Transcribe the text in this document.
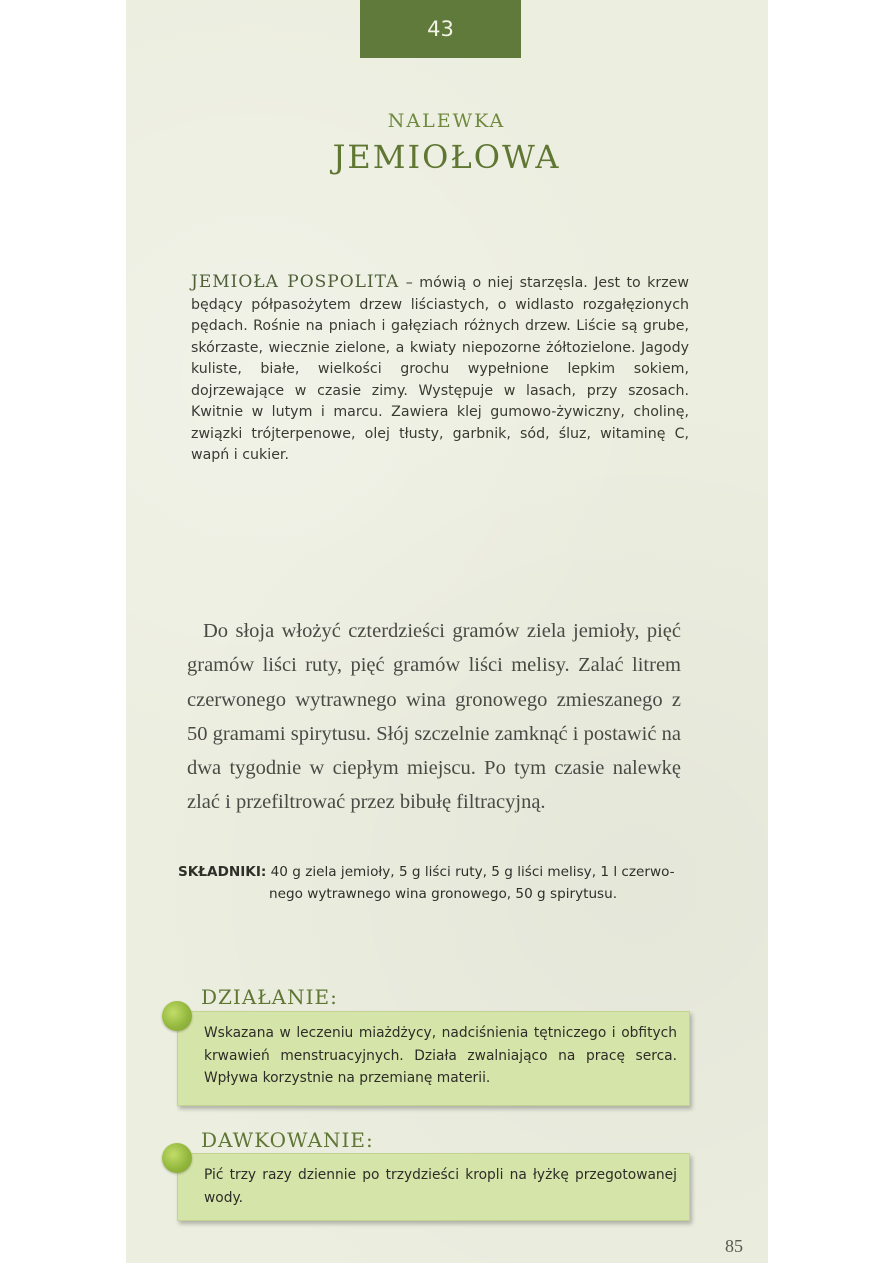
43
NALEWKA
JEMIOŁOWA

JEMIOŁA POSPOLITA – mówią o niej starzęsla. Jest to krzew będący półpasożytem drzew liściastych, o widlasto rozgałęzionych pędach. Rośnie na pniach i gałęziach różnych drzew. Liście są grube, skórzaste, wiecznie zielone, a kwiaty niepozorne żółtozielone. Jagody kuliste, białe, wielkości grochu wypełnione lepkim sokiem, dojrzewające w czasie zimy. Występuje w lasach, przy szosach. Kwitnie w lutym i marcu. Zawiera klej gumowo-żywiczny, cholinę, związki trójterpenowe, olej tłusty, garbnik, sód, śluz, witaminę C, wapń i cukier.

Do słoja włożyć czterdzieści gramów ziela jemioły, pięć gramów liści ruty, pięć gramów liści melisy. Zalać litrem czerwonego wytrawnego wina gronowego zmieszanego z 50 gramami spirytusu. Słój szczelnie zamknąć i postawić na dwa tygodnie w ciepłym miejscu. Po tym czasie nalewkę zlać i przefiltrować przez bibułę filtracyjną.

SKŁADNIKI: 40 g ziela jemioły, 5 g liści ruty, 5 g liści melisy, 1 l czerwo-
nego wytrawnego wina gronowego, 50 g spirytusu.
DZIAŁANIE:
Wskazana w leczeniu miażdżycy, nadciśnienia tętniczego i obfitych krwawień menstruacyjnych. Działa zwalniająco na pracę serca. Wpływa korzystnie na przemianę materii.
DAWKOWANIE:
Pić trzy razy dziennie po trzydzieści kropli na łyżkę przegotowanej wody.
85
